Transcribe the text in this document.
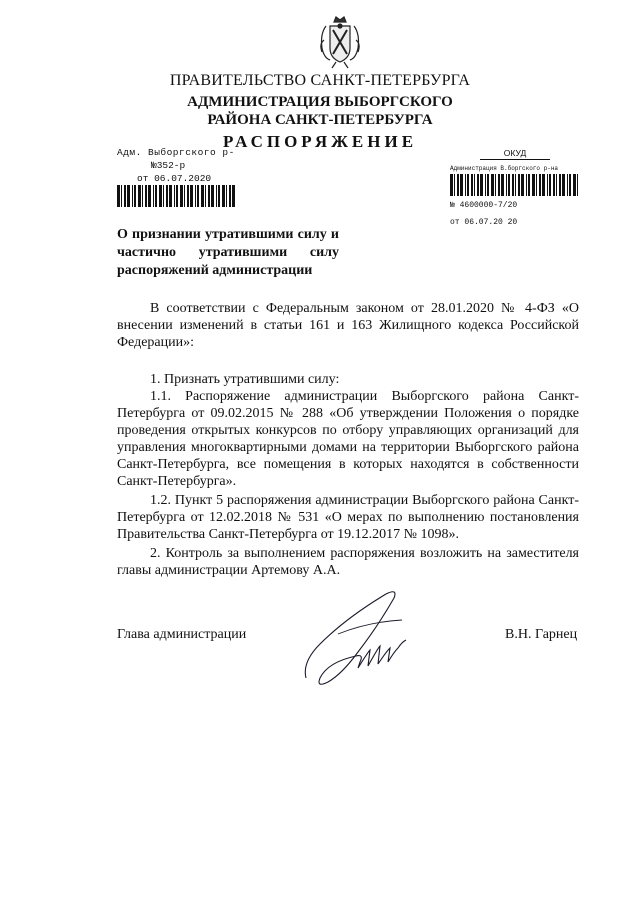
ПРАВИТЕЛЬСТВО САНКТ-ПЕТЕРБУРГА
АДМИНИСТРАЦИЯ ВЫБОРГСКОГО
РАЙОНА САНКТ-ПЕТЕРБУРГА
РАСПОРЯЖЕНИЕ
Адм. Выборгского р-
№352-р
от 06.07.2020
ОКУД
Администрация В.боргского р-на
№ 4600000-7/20
от 06.07.20 20
О признании утратившими силу и частично утратившими силу распоряжений администрации
В соответствии с Федеральным законом от 28.01.2020 № 4-ФЗ «О внесении изменений в статьи 161 и 163 Жилищного кодекса Российской Федерации»:
1. Признать утратившими силу:
1.1. Распоряжение администрации Выборгского района Санкт-Петербурга от 09.02.2015 № 288 «Об утверждении Положения о порядке проведения открытых конкурсов по отбору управляющих организаций для управления многоквартирными домами на территории Выборгского района Санкт-Петербурга, все помещения в которых находятся в собственности Санкт-Петербурга».
1.2. Пункт 5 распоряжения администрации Выборгского района Санкт-Петербурга от 12.02.2018 № 531 «О мерах по выполнению постановления Правительства Санкт-Петербурга от 19.12.2017 № 1098».
2. Контроль за выполнением распоряжения возложить на заместителя главы администрации Артемову А.А.
Глава администрации	В.Н. Гарнец
